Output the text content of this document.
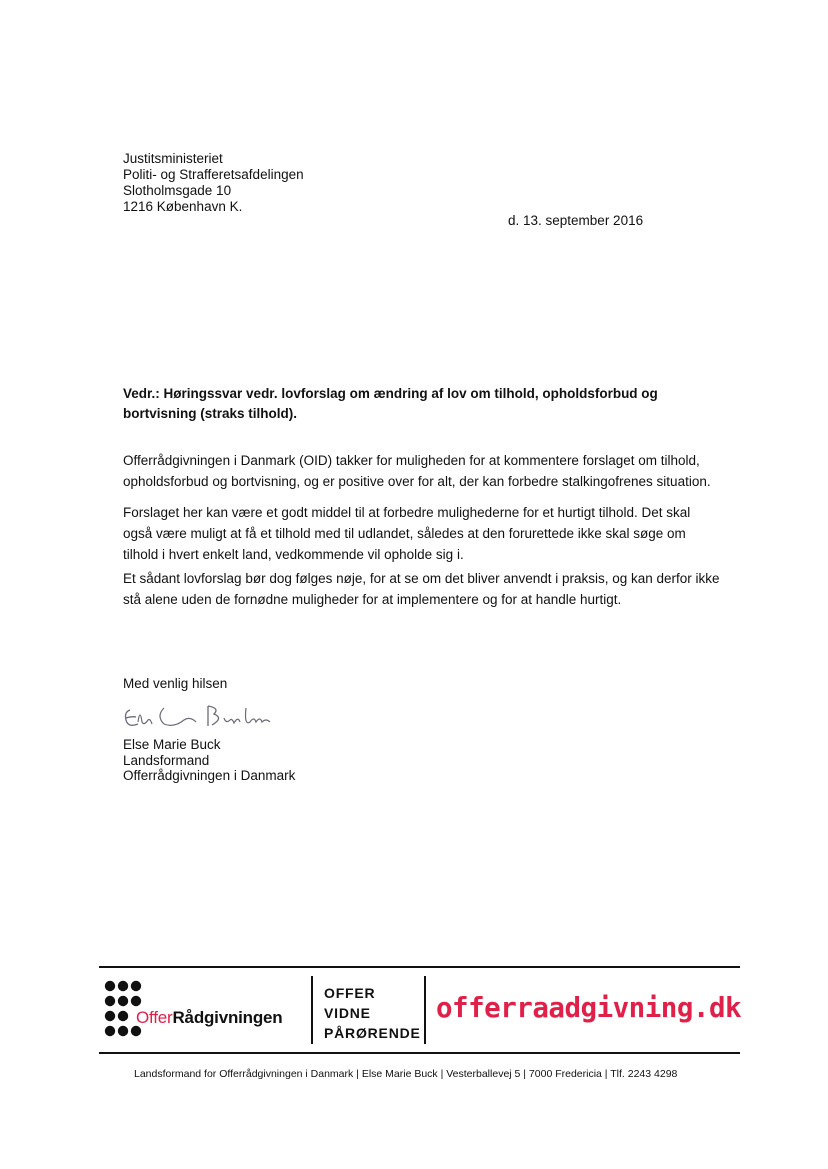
Justitsministeriet
Politi- og Strafferetsafdelingen
Slotholmsgade 10
1216 København K.
d. 13. september 2016
Vedr.: Høringssvar vedr. lovforslag om ændring af lov om tilhold, opholdsforbud og bortvisning (straks tilhold).
Offerrådgivningen i Danmark (OID) takker for muligheden for at kommentere forslaget om tilhold, opholdsforbud og bortvisning, og er positive over for alt, der kan forbedre stalkingofrenes situation.
Forslaget her kan være et godt middel til at forbedre mulighederne for et hurtigt tilhold. Det skal også være muligt at få et tilhold med til udlandet, således at den forurettede ikke skal søge om tilhold i hvert enkelt land, vedkommende vil opholde sig i.
Et sådant lovforslag bør dog følges nøje, for at se om det bliver anvendt i praksis, og kan derfor ikke stå alene uden de fornødne muligheder for at implementere og for at handle hurtigt.
Med venlig hilsen
Else Marie Buck
Landsformand
Offerrådgivningen i Danmark
OfferRådgivningen
OFFER
VIDNE
PÅRØRENDE
offerraadgivning.dk
Landsformand for Offerrådgivningen i Danmark | Else Marie Buck | Vesterballevej 5 | 7000 Fredericia | Tlf. 2243 4298
